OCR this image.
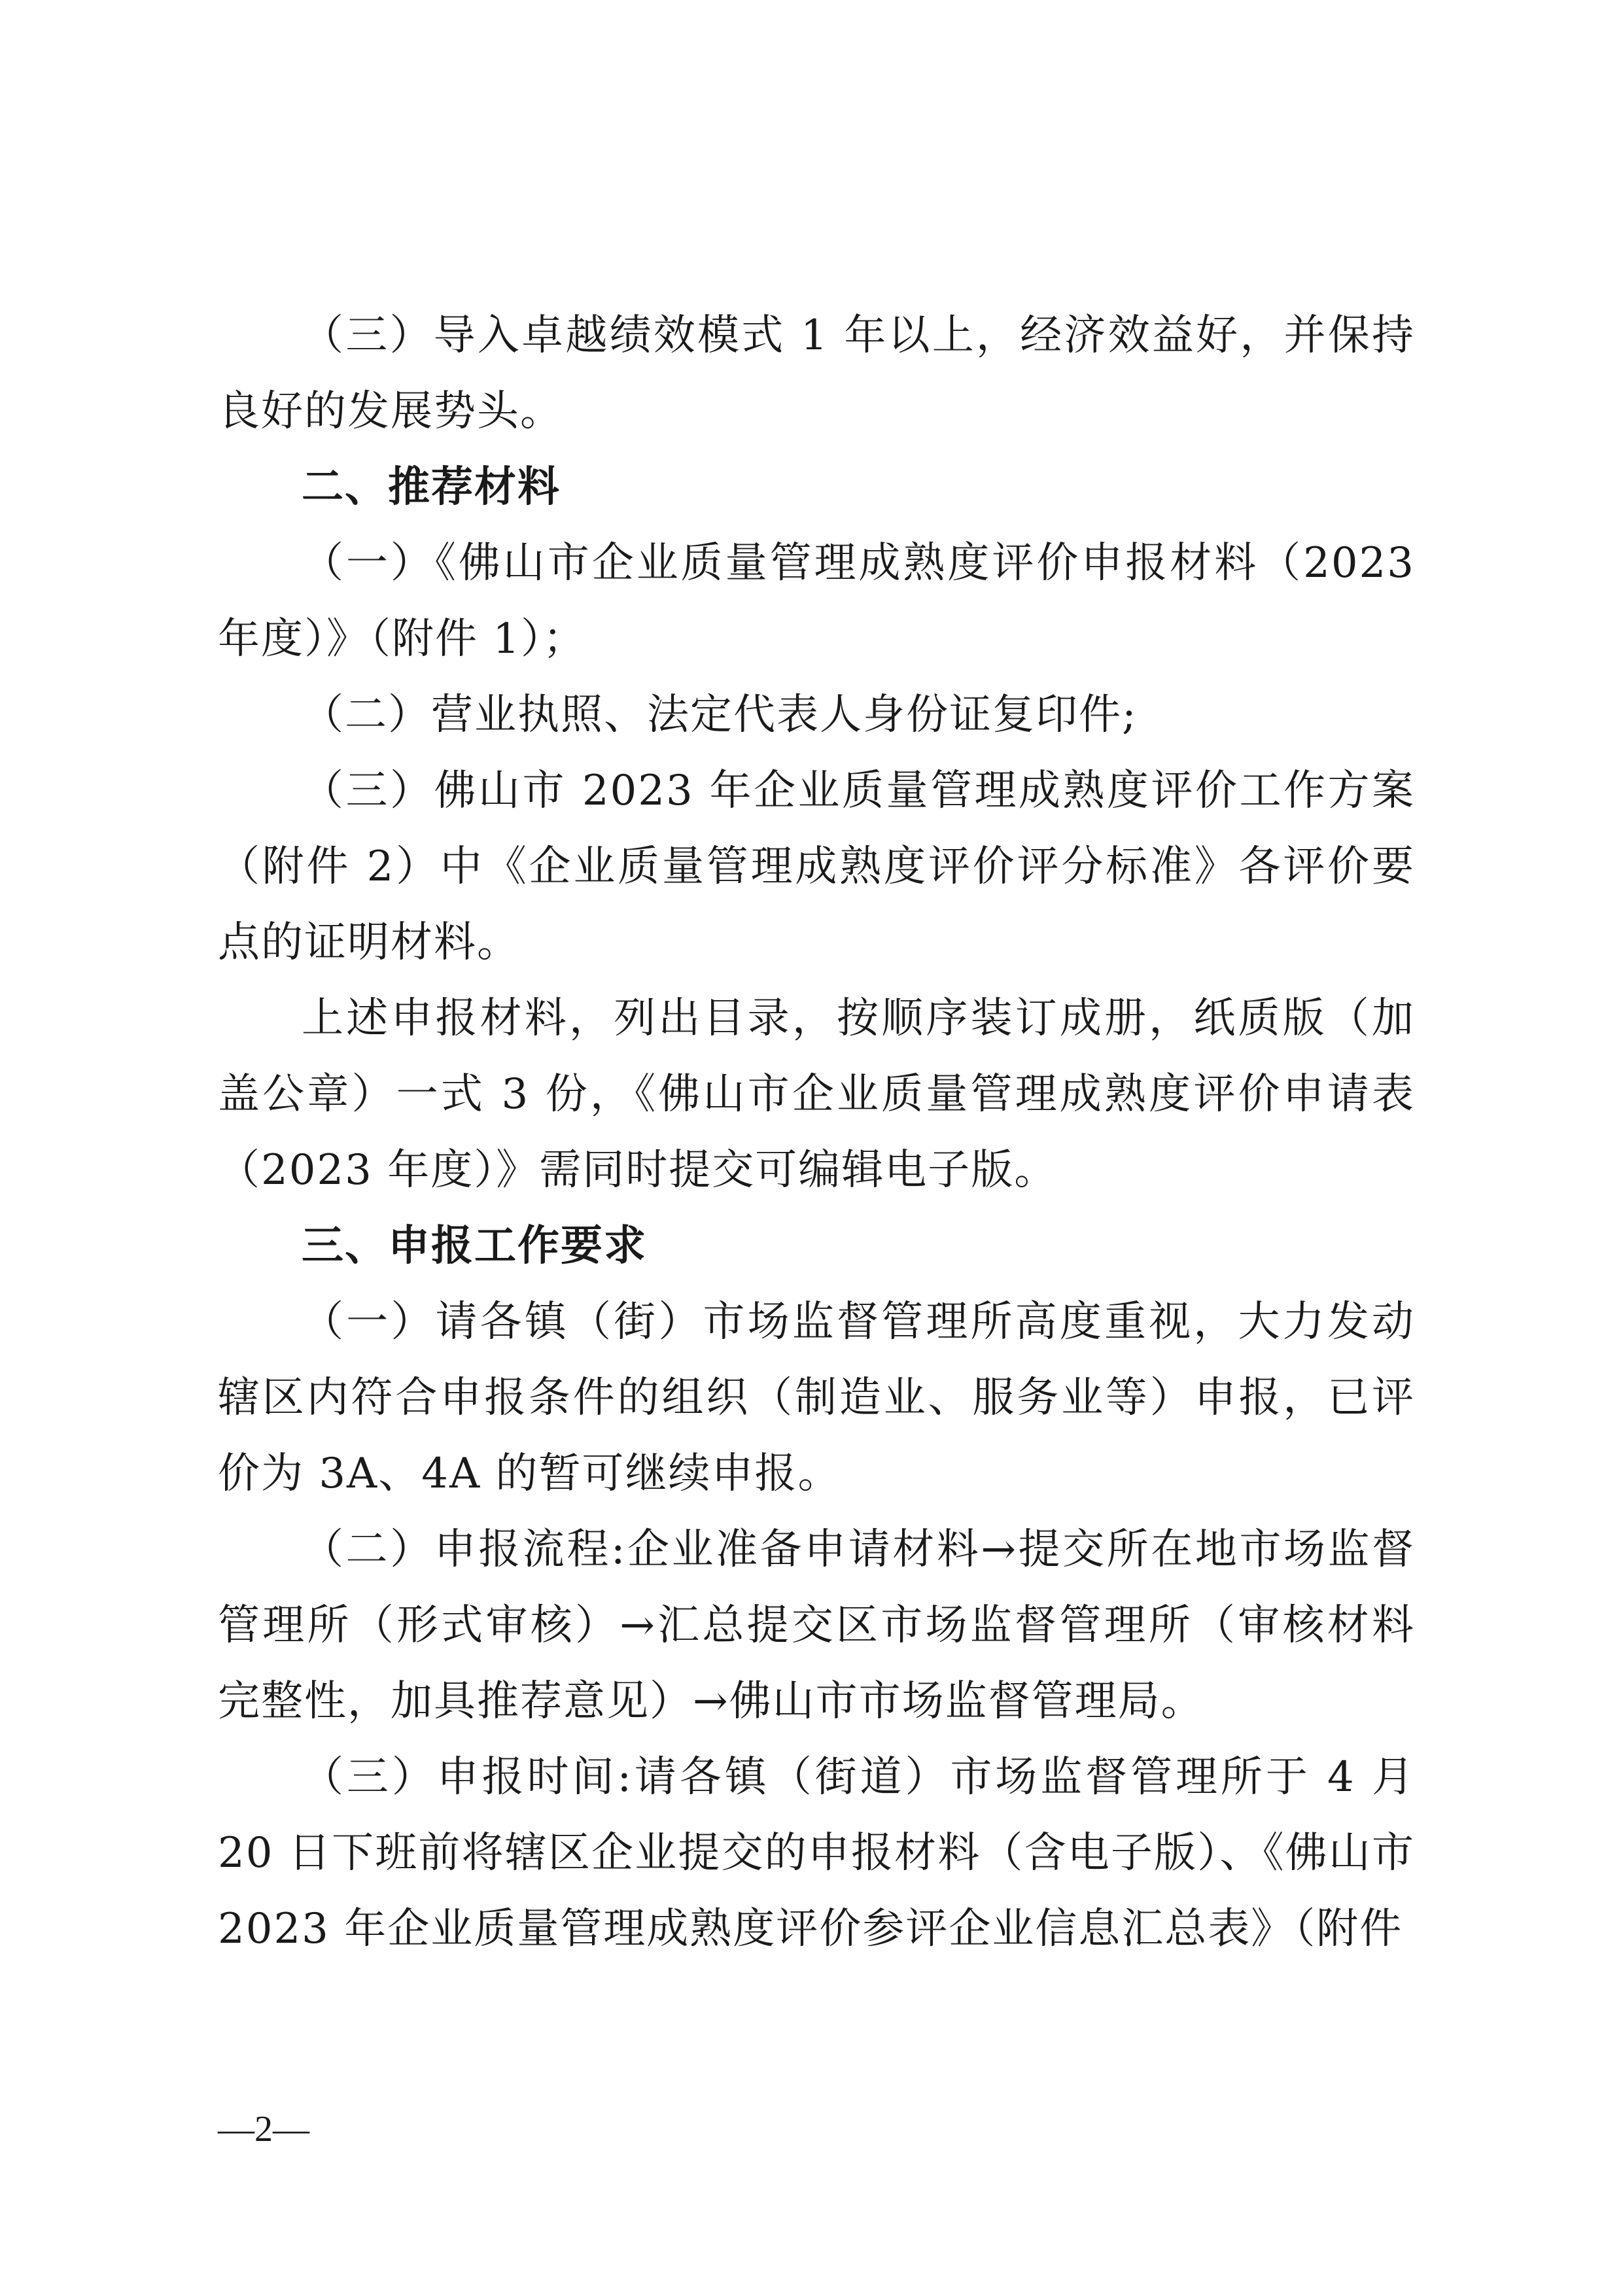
（三）导入卓越绩效模式 1 年以上，经济效益好，并保持良好的发展势头。

二、推荐材料

（一）《佛山市企业质量管理成熟度评价申报材料（2023 年度）》（附件 1）；

（二）营业执照、法定代表人身份证复印件;

（三）佛山市 2023 年企业质量管理成熟度评价工作方案（附件 2）中《企业质量管理成熟度评价评分标准》各评价要点的证明材料。

上述申报材料，列出目录，按顺序装订成册，纸质版（加盖公章）一式 3 份，《佛山市企业质量管理成熟度评价申请表（2023 年度）》需同时提交可编辑电子版。

三、申报工作要求

（一）请各镇（街）市场监督管理所高度重视，大力发动辖区内符合申报条件的组织（制造业、服务业等）申报，已评价为 3A、4A 的暂可继续申报。

（二）申报流程:企业准备申请材料→提交所在地市场监督管理所（形式审核）→汇总提交区市场监督管理所（审核材料完整性，加具推荐意见）→佛山市市场监督管理局。

（三）申报时间:请各镇（街道）市场监督管理所于 4 月 20 日下班前将辖区企业提交的申报材料（含电子版）、《佛山市 2023 年企业质量管理成熟度评价参评企业信息汇总表》（附件

—2—
